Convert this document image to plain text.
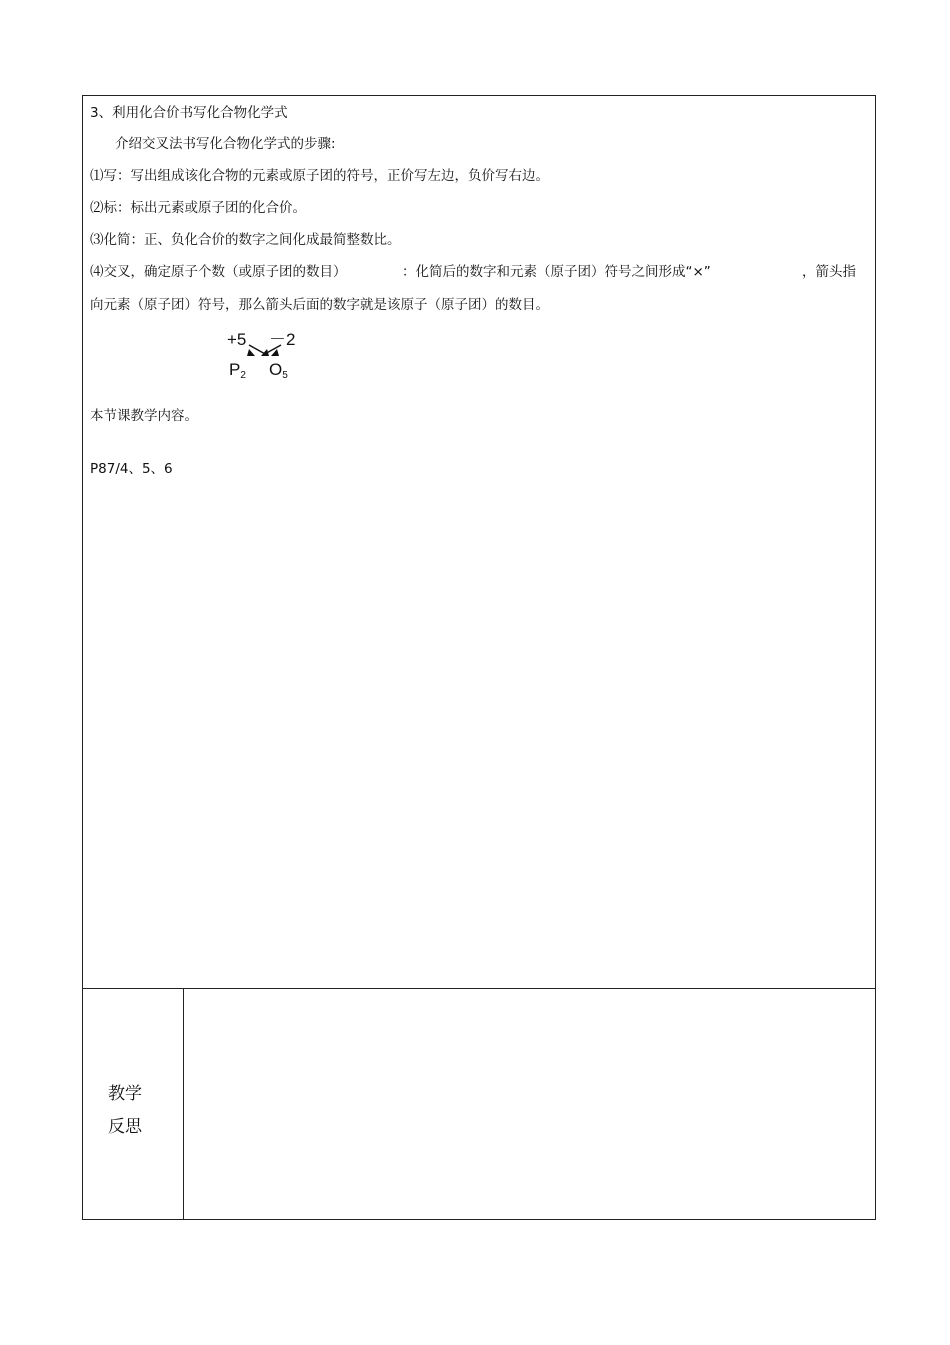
3、利用化合价书写化合物化学式
介绍交叉法书写化合物化学式的步骤:
⑴写：写出组成该化合物的元素或原子团的符号，正价写左边，负价写右边。
⑵标：标出元素或原子团的化合价。
⑶化简：正、负化合价的数字之间化成最简整数比。
⑷交叉，确定原子个数（或原子团的数目）	：化简后的数字和元素（原子团）符号之间形成“×”	，箭头指
向元素（原子团）符号，那么箭头后面的数字就是该原子（原子团）的数目。
+5 －2
P2 O5
本节课教学内容。
P87/4、5、6
教学
反思
